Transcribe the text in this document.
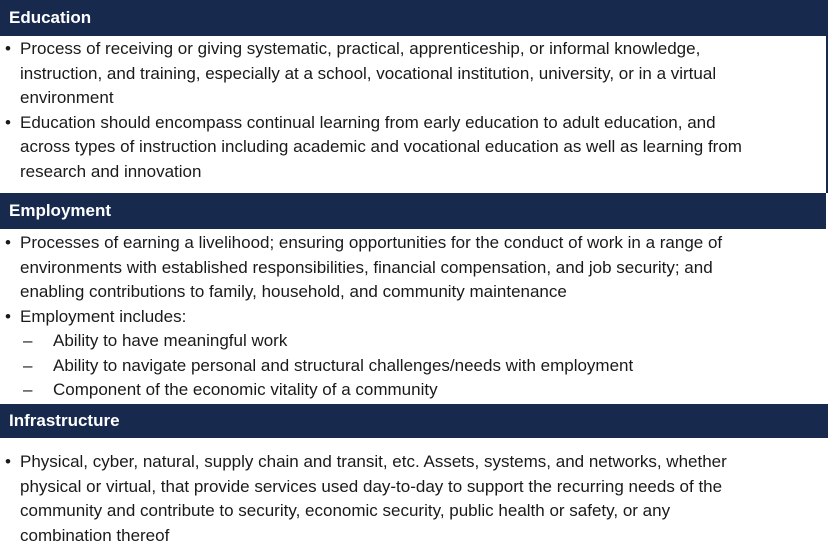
Education
• Process of receiving or giving systematic, practical, apprenticeship, or informal knowledge,
instruction, and training, especially at a school, vocational institution, university, or in a virtual
environment
• Education should encompass continual learning from early education to adult education, and
across types of instruction including academic and vocational education as well as learning from
research and innovation
Employment
• Processes of earning a livelihood; ensuring opportunities for the conduct of work in a range of
environments with established responsibilities, financial compensation, and job security; and
enabling contributions to family, household, and community maintenance
• Employment includes:
– Ability to have meaningful work
– Ability to navigate personal and structural challenges/needs with employment
– Component of the economic vitality of a community
Infrastructure
• Physical, cyber, natural, supply chain and transit, etc. Assets, systems, and networks, whether
physical or virtual, that provide services used day-to-day to support the recurring needs of the
community and contribute to security, economic security, public health or safety, or any
combination thereof
